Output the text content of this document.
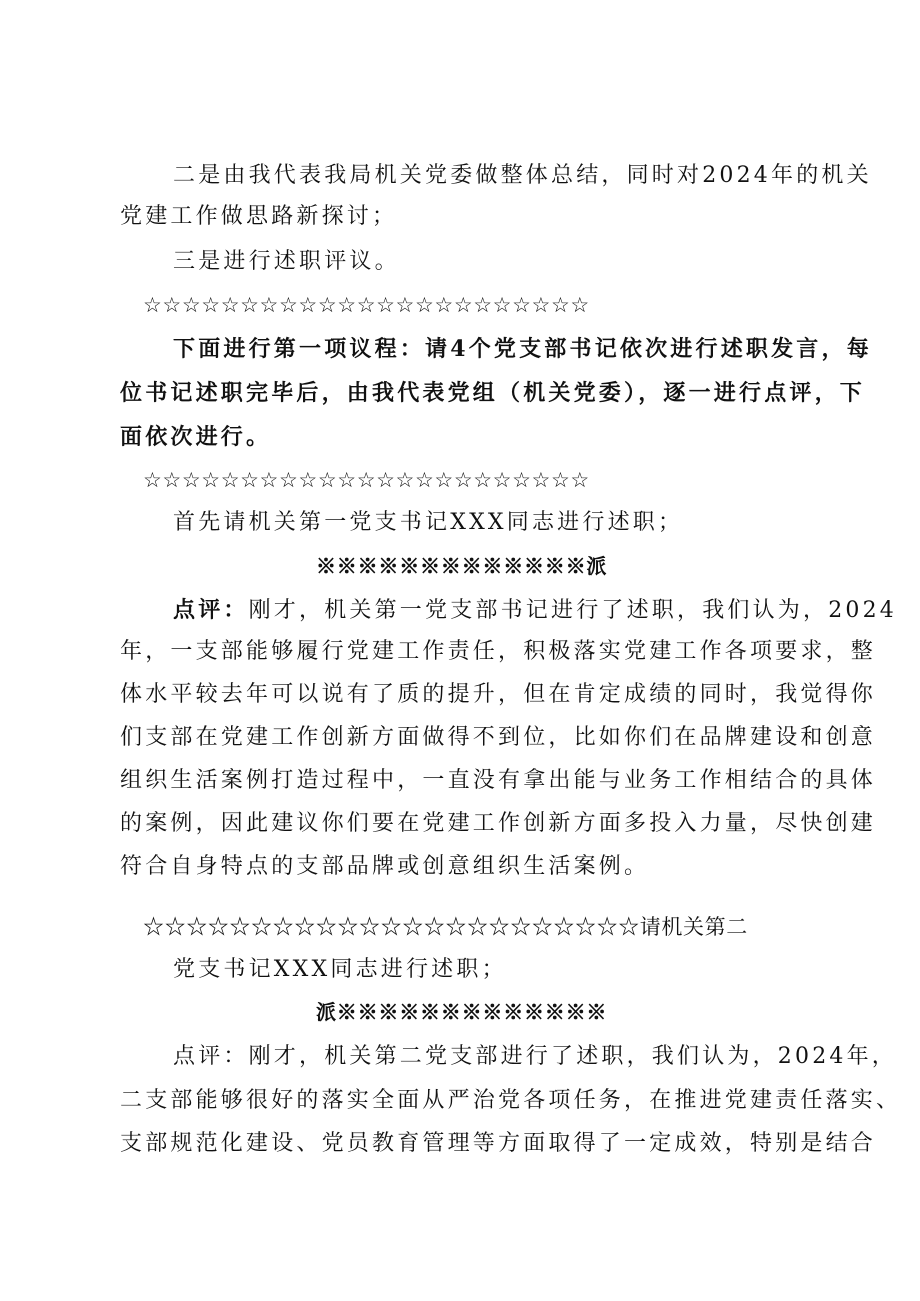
二是由我代表我局机关党委做整体总结，同时对2024年的机关
党建工作做思路新探讨；
三是进行述职评议。
☆☆☆☆☆☆☆☆☆☆☆☆☆☆☆☆☆☆☆☆☆☆☆
下面进行第一项议程：请4个党支部书记依次进行述职发言，每
位书记述职完毕后，由我代表党组（机关党委），逐一进行点评，下
面依次进行。
☆☆☆☆☆☆☆☆☆☆☆☆☆☆☆☆☆☆☆☆☆☆☆
首先请机关第一党支书记XXX同志进行述职；
※※※※※※※※※※※※※派
点评：刚才，机关第一党支部书记进行了述职，我们认为，2024
年，一支部能够履行党建工作责任，积极落实党建工作各项要求，整
体水平较去年可以说有了质的提升，但在肯定成绩的同时，我觉得你
们支部在党建工作创新方面做得不到位，比如你们在品牌建设和创意
组织生活案例打造过程中，一直没有拿出能与业务工作相结合的具体
的案例，因此建议你们要在党建工作创新方面多投入力量，尽快创建
符合自身特点的支部品牌或创意组织生活案例。
☆☆☆☆☆☆☆☆☆☆☆☆☆☆☆☆☆☆☆☆☆☆☆请机关第二
党支书记XXX同志进行述职；
派※※※※※※※※※※※※※
点评：刚才，机关第二党支部进行了述职，我们认为，2024年，
二支部能够很好的落实全面从严治党各项任务，在推进党建责任落实、
支部规范化建设、党员教育管理等方面取得了一定成效，特别是结合
